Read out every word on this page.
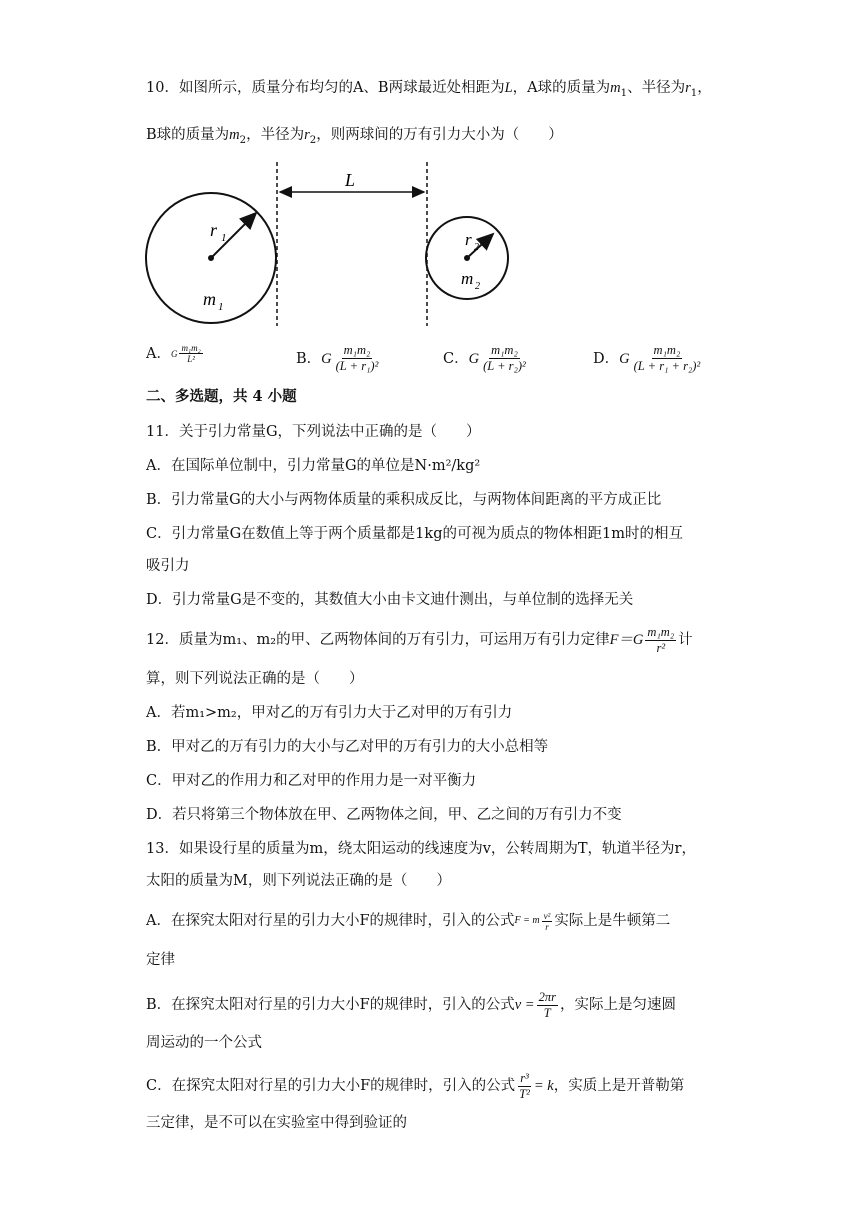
10．如图所示，质量分布均匀的A、B两球最近处相距为L，A球的质量为$m_1$、半径为$r_1$，
B球的质量为$m_2$，半径为$r_2$，则两球间的万有引力大小为（　　）
r 1
m 1
L
r 2
m 2
A． G $\frac{\text{m₁m₂}}{\text{L²}}$	B． G $\frac{\text{m₁m₂}}{\text{(L + r₁)²}}$	C． G $\frac{\text{m₁m₂}}{\text{(L + r₂)²}}$	D． G $\frac{\text{m₁m₂}}{\text{(L + r₁ + r₂)²}}$
二、多选题，共 4 小题
11．关于引力常量G，下列说法中正确的是（　　）
A．在国际单位制中，引力常量G的单位是N·m²/kg²
B．引力常量G的大小与两物体质量的乘积成反比，与两物体间距离的平方成正比
C．引力常量G在数值上等于两个质量都是1kg的可视为质点的物体相距1m时的相互
吸引力
D．引力常量G是不变的，其数值大小由卡文迪什测出，与单位制的选择无关
12．质量为m₁、m₂的甲、乙两物体间的万有引力，可运用万有引力定律 $F=G \frac{\text{m₁m₂}}{\text{r²}}$ 计
算，则下列说法正确的是（　　）
A．若m₁>m₂，甲对乙的万有引力大于乙对甲的万有引力
B．甲对乙的万有引力的大小与乙对甲的万有引力的大小总相等
C．甲对乙的作用力和乙对甲的作用力是一对平衡力
D．若只将第三个物体放在甲、乙两物体之间，甲、乙之间的万有引力不变
13．如果设行星的质量为m，绕太阳运动的线速度为v，公转周期为T，轨道半径为r，
太阳的质量为M，则下列说法正确的是（　　）
A．在探究太阳对行星的引力大小F的规律时，引入的公式 F = m $\frac{\text{v²}}{r}$ 实际上是牛顿第二
定律
B．在探究太阳对行星的引力大小F的规律时，引入的公式 $v = \frac{2\pi r}{T}$ ，实际上是匀速圆
周运动的一个公式
C．在探究太阳对行星的引力大小F的规律时，引入的公式 $\frac{\text{r³}}{\text{T²}} = k$ ，实质上是开普勒第
三定律，是不可以在实验室中得到验证的
